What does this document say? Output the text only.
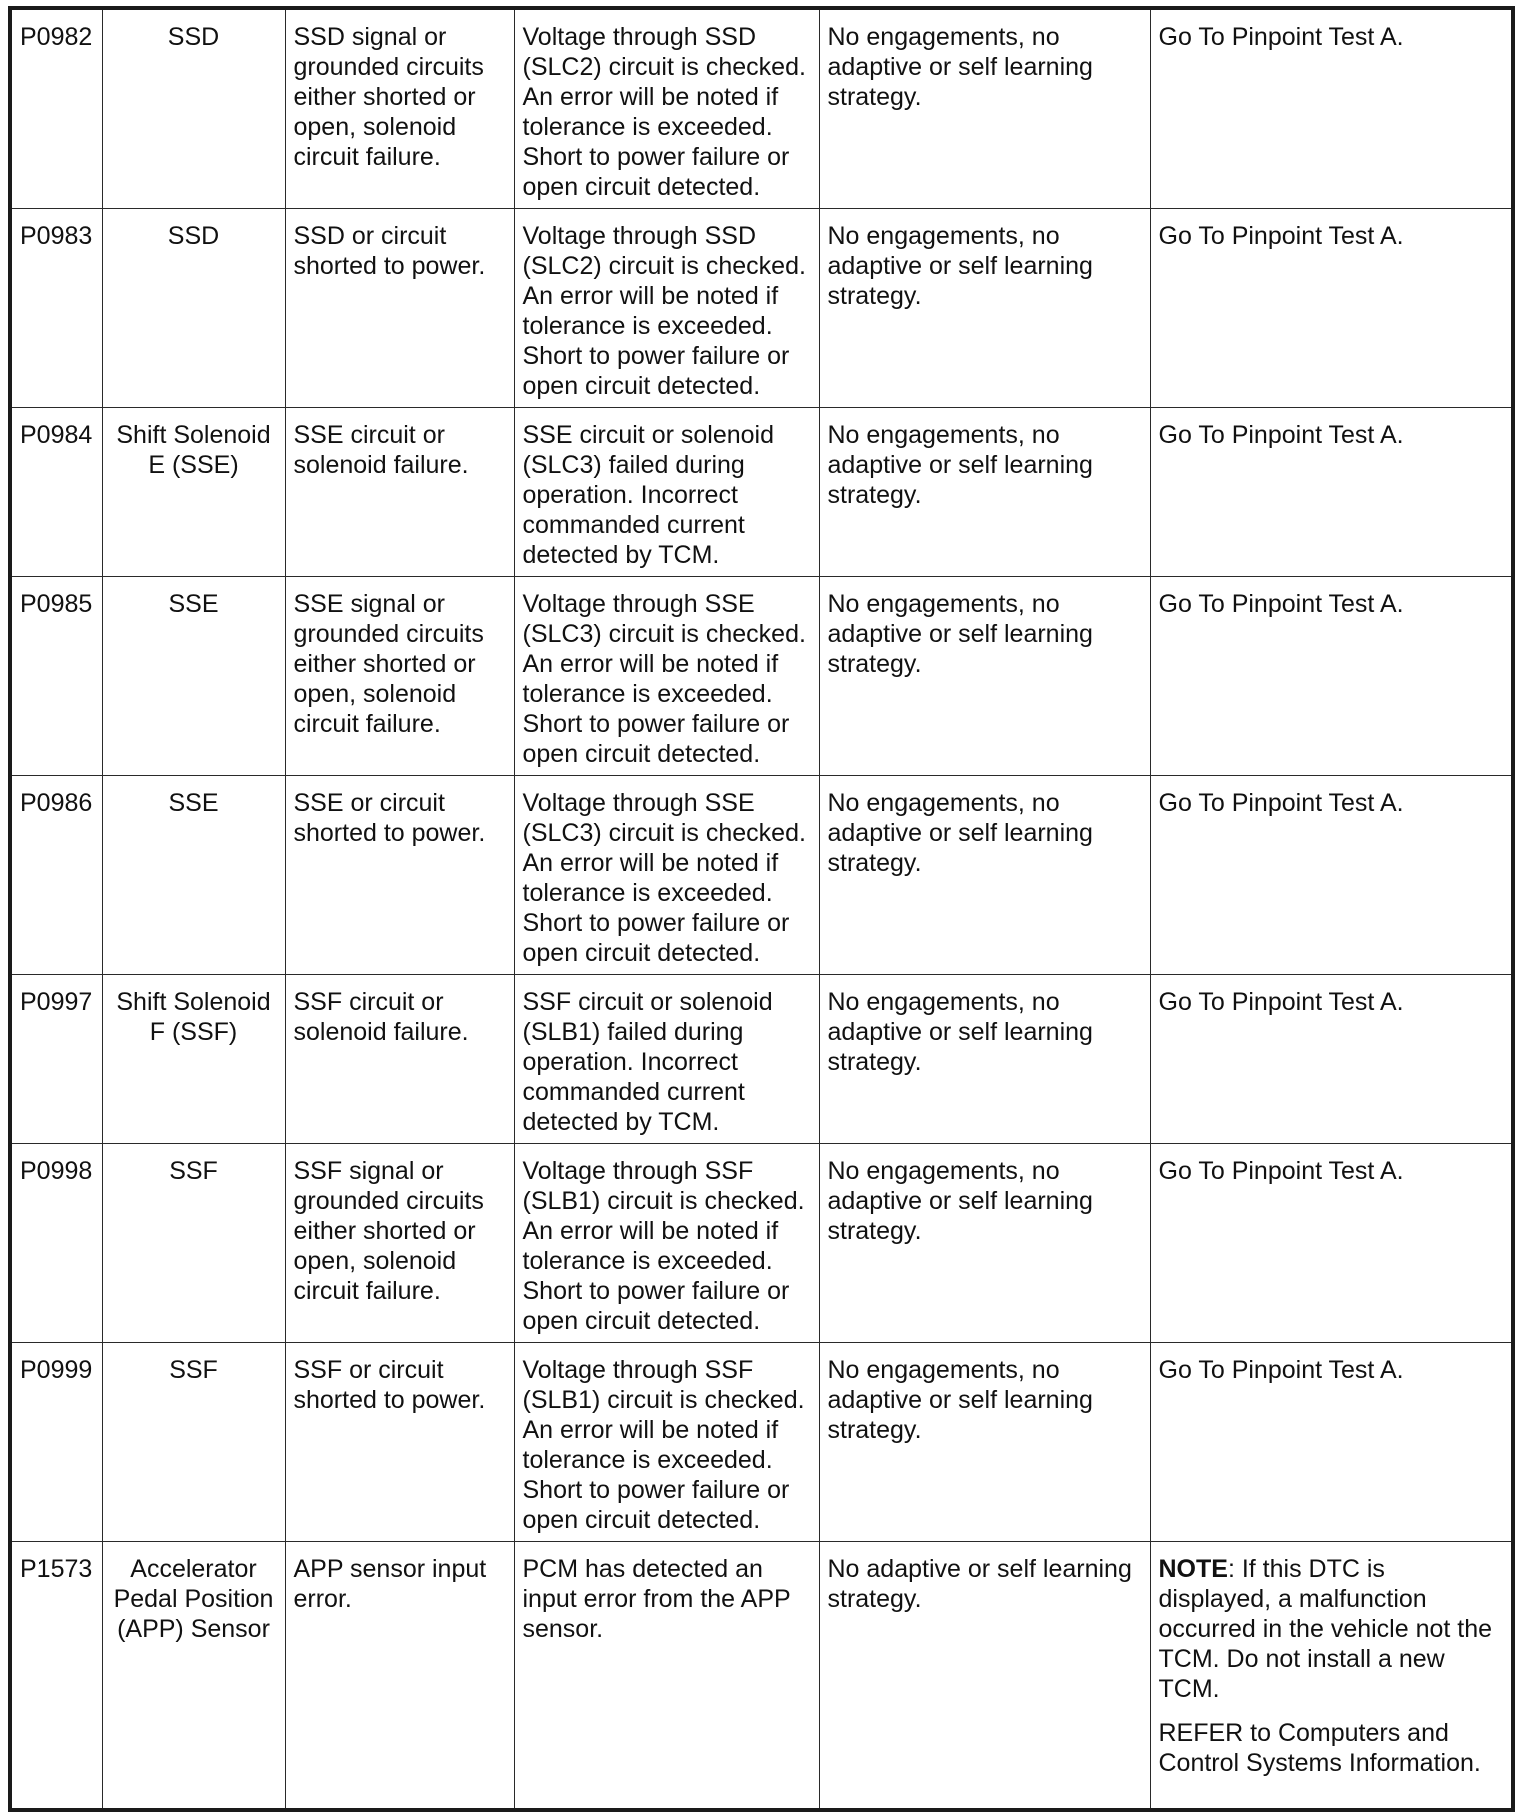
P0982	SSD	SSD signal or grounded circuits either shorted or open, solenoid circuit failure.	Voltage through SSD (SLC2) circuit is checked. An error will be noted if tolerance is exceeded. Short to power failure or open circuit detected.	No engagements, no adaptive or self learning strategy.	Go To Pinpoint Test A.
P0983	SSD	SSD or circuit shorted to power.	Voltage through SSD (SLC2) circuit is checked. An error will be noted if tolerance is exceeded. Short to power failure or open circuit detected.	No engagements, no adaptive or self learning strategy.	Go To Pinpoint Test A.
P0984	Shift Solenoid E (SSE)	SSE circuit or solenoid failure.	SSE circuit or solenoid (SLC3) failed during operation. Incorrect commanded current detected by TCM.	No engagements, no adaptive or self learning strategy.	Go To Pinpoint Test A.
P0985	SSE	SSE signal or grounded circuits either shorted or open, solenoid circuit failure.	Voltage through SSE (SLC3) circuit is checked. An error will be noted if tolerance is exceeded. Short to power failure or open circuit detected.	No engagements, no adaptive or self learning strategy.	Go To Pinpoint Test A.
P0986	SSE	SSE or circuit shorted to power.	Voltage through SSE (SLC3) circuit is checked. An error will be noted if tolerance is exceeded. Short to power failure or open circuit detected.	No engagements, no adaptive or self learning strategy.	Go To Pinpoint Test A.
P0997	Shift Solenoid F (SSF)	SSF circuit or solenoid failure.	SSF circuit or solenoid (SLB1) failed during operation. Incorrect commanded current detected by TCM.	No engagements, no adaptive or self learning strategy.	Go To Pinpoint Test A.
P0998	SSF	SSF signal or grounded circuits either shorted or open, solenoid circuit failure.	Voltage through SSF (SLB1) circuit is checked. An error will be noted if tolerance is exceeded. Short to power failure or open circuit detected.	No engagements, no adaptive or self learning strategy.	Go To Pinpoint Test A.
P0999	SSF	SSF or circuit shorted to power.	Voltage through SSF (SLB1) circuit is checked. An error will be noted if tolerance is exceeded. Short to power failure or open circuit detected.	No engagements, no adaptive or self learning strategy.	Go To Pinpoint Test A.
P1573	Accelerator Pedal Position (APP) Sensor	APP sensor input error.	PCM has detected an input error from the APP sensor.	No adaptive or self learning strategy.	NOTE: If this DTC is displayed, a malfunction occurred in the vehicle not the TCM. Do not install a new TCM.
REFER to Computers and Control Systems Information.
